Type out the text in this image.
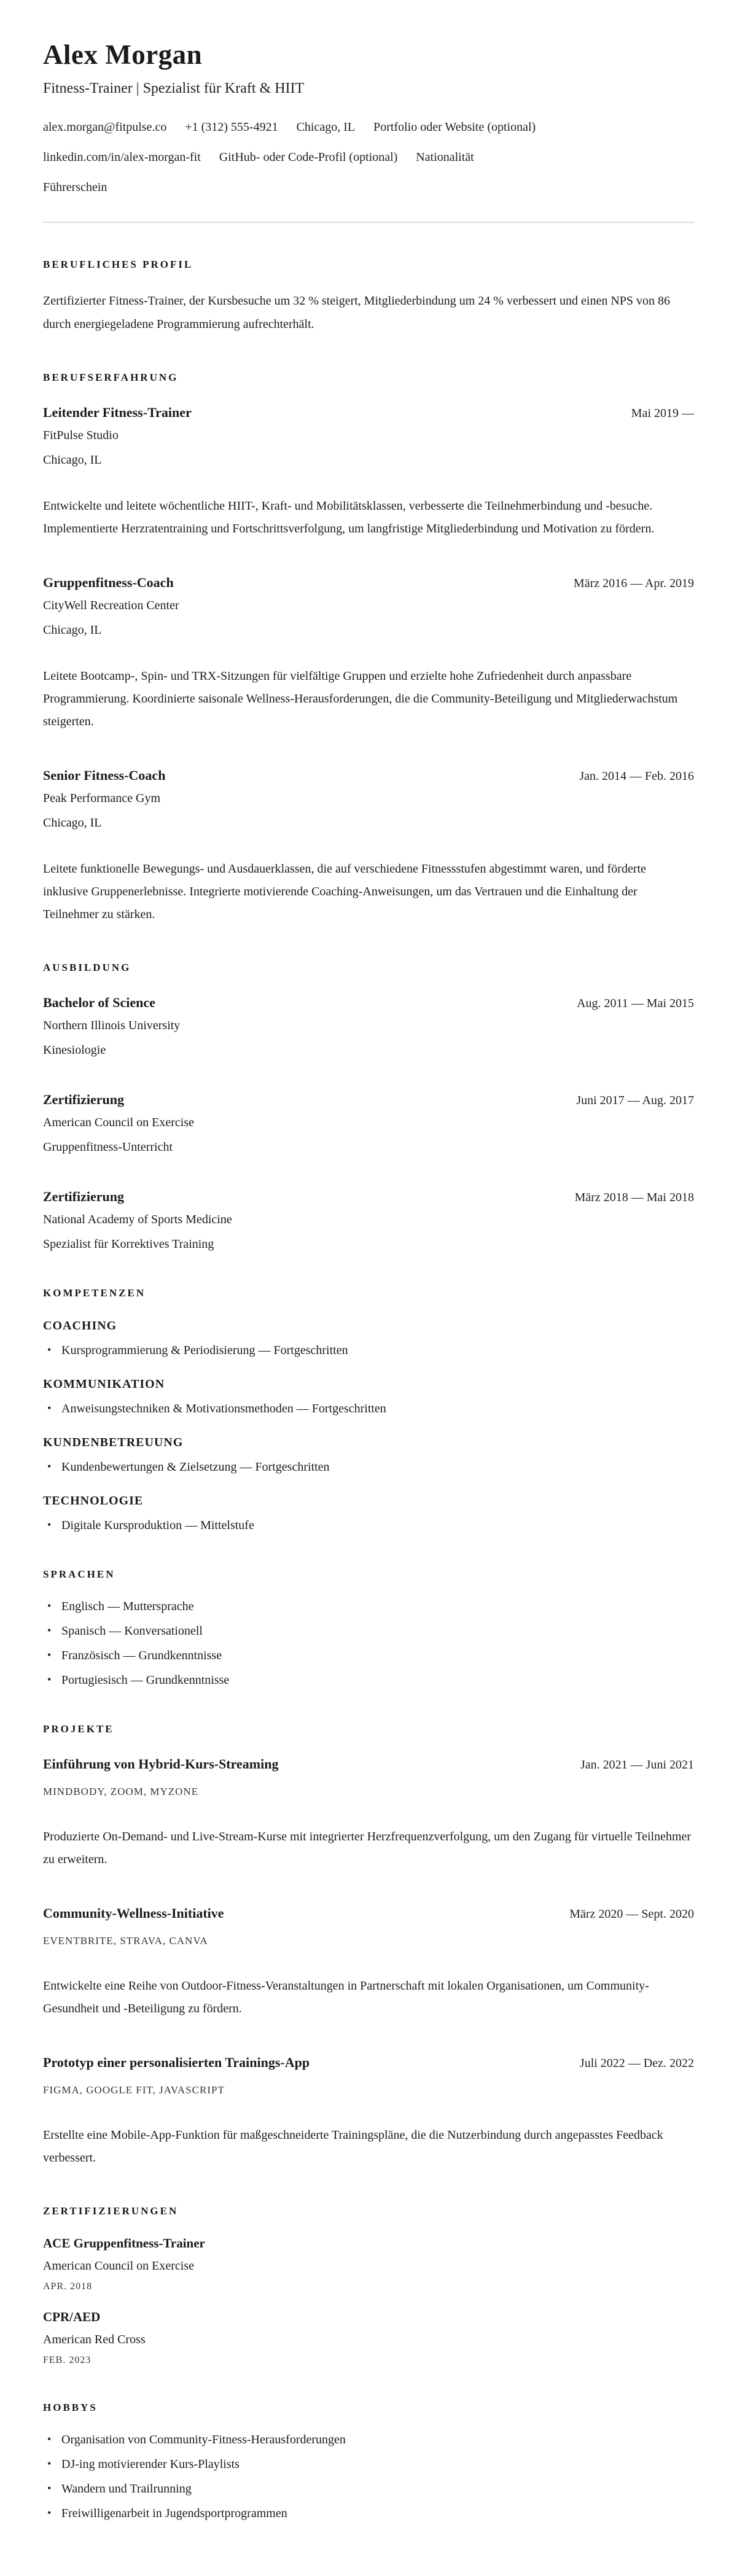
Alex Morgan
Fitness-Trainer | Spezialist für Kraft & HIIT
alex.morgan@fitpulse.co +1 (312) 555-4921 Chicago, IL Portfolio oder Website (optional)
linkedin.com/in/alex-morgan-fit GitHub- oder Code-Profil (optional) Nationalität
Führerschein
BERUFLICHES PROFIL

Zertifizierter Fitness-Trainer, der Kursbesuche um 32 % steigert, Mitgliederbindung um 24 % verbessert und einen NPS von 86 durch energiegeladene Programmierung aufrechterhält.

BERUFSERFAHRUNG
Leitender Fitness-Trainer	Mai 2019 —
FitPulse Studio
Chicago, IL

Entwickelte und leitete wöchentliche HIIT-, Kraft- und Mobilitätsklassen, verbesserte die Teilnehmerbindung und -besuche. Implementierte Herzratentraining und Fortschrittsverfolgung, um langfristige Mitgliederbindung und Motivation zu fördern.

Gruppenfitness-Coach	März 2016 — Apr. 2019
CityWell Recreation Center
Chicago, IL

Leitete Bootcamp-, Spin- und TRX-Sitzungen für vielfältige Gruppen und erzielte hohe Zufriedenheit durch anpassbare Programmierung. Koordinierte saisonale Wellness-Herausforderungen, die die Community-Beteiligung und Mitgliederwachstum steigerten.

Senior Fitness-Coach	Jan. 2014 — Feb. 2016
Peak Performance Gym
Chicago, IL

Leitete funktionelle Bewegungs- und Ausdauerklassen, die auf verschiedene Fitnessstufen abgestimmt waren, und förderte inklusive Gruppenerlebnisse. Integrierte motivierende Coaching-Anweisungen, um das Vertrauen und die Einhaltung der Teilnehmer zu stärken.

AUSBILDUNG
Bachelor of Science	Aug. 2011 — Mai 2015
Northern Illinois University
Kinesiologie
Zertifizierung	Juni 2017 — Aug. 2017
American Council on Exercise
Gruppenfitness-Unterricht
Zertifizierung	März 2018 — Mai 2018
National Academy of Sports Medicine
Spezialist für Korrektives Training
KOMPETENZEN
COACHING
• Kursprogrammierung & Periodisierung — Fortgeschritten
KOMMUNIKATION
• Anweisungstechniken & Motivationsmethoden — Fortgeschritten
KUNDENBETREUUNG
• Kundenbewertungen & Zielsetzung — Fortgeschritten
TECHNOLOGIE
• Digitale Kursproduktion — Mittelstufe
SPRACHEN
• Englisch — Muttersprache
• Spanisch — Konversationell
• Französisch — Grundkenntnisse
• Portugiesisch — Grundkenntnisse
PROJEKTE
Einführung von Hybrid-Kurs-Streaming	Jan. 2021 — Juni 2021
MINDBODY, ZOOM, MYZONE

Produzierte On-Demand- und Live-Stream-Kurse mit integrierter Herzfrequenzverfolgung, um den Zugang für virtuelle Teilnehmer zu erweitern.

Community-Wellness-Initiative	März 2020 — Sept. 2020
EVENTBRITE, STRAVA, CANVA

Entwickelte eine Reihe von Outdoor-Fitness-Veranstaltungen in Partnerschaft mit lokalen Organisationen, um Community-Gesundheit und -Beteiligung zu fördern.

Prototyp einer personalisierten Trainings-App	Juli 2022 — Dez. 2022
FIGMA, GOOGLE FIT, JAVASCRIPT

Erstellte eine Mobile-App-Funktion für maßgeschneiderte Trainingspläne, die die Nutzerbindung durch angepasstes Feedback verbessert.

ZERTIFIZIERUNGEN
ACE Gruppenfitness-Trainer
American Council on Exercise
APR. 2018
CPR/AED
American Red Cross
FEB. 2023
HOBBYS
• Organisation von Community-Fitness-Herausforderungen
• DJ-ing motivierender Kurs-Playlists
• Wandern und Trailrunning
• Freiwilligenarbeit in Jugendsportprogrammen
